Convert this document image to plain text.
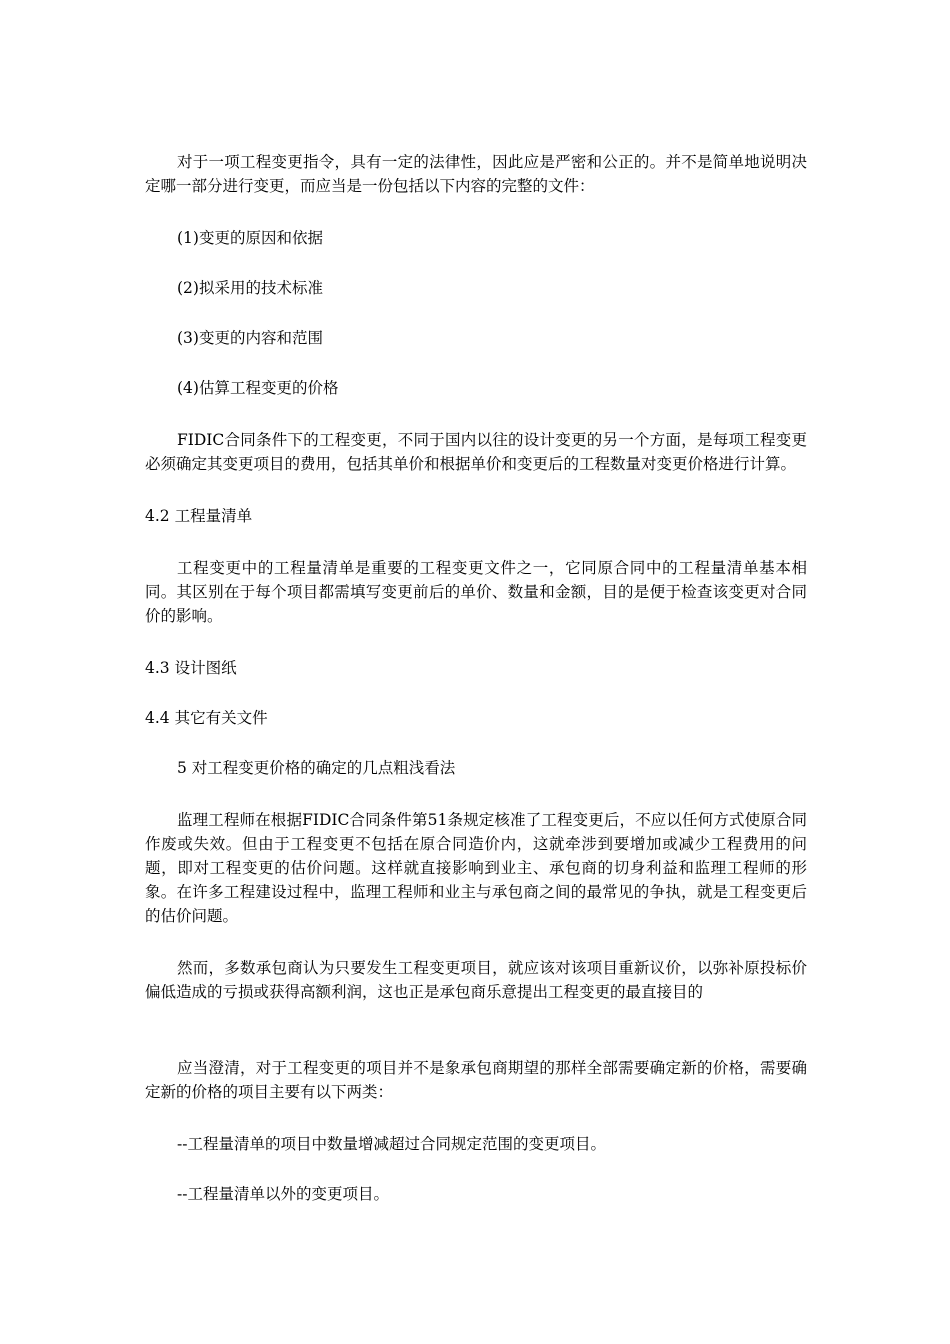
对于一项工程变更指令，具有一定的法律性，因此应是严密和公正的。并不是简单地说明决定哪一部分进行变更，而应当是一份包括以下内容的完整的文件：

(1)变更的原因和依据

(2)拟采用的技术标准

(3)变更的内容和范围

(4)估算工程变更的价格

FIDIC合同条件下的工程变更，不同于国内以往的设计变更的另一个方面，是每项工程变更必须确定其变更项目的费用，包括其单价和根据单价和变更后的工程数量对变更价格进行计算。

4.2 工程量清单

工程变更中的工程量清单是重要的工程变更文件之一，它同原合同中的工程量清单基本相同。其区别在于每个项目都需填写变更前后的单价、数量和金额，目的是便于检查该变更对合同价的影响。

4.3 设计图纸

4.4 其它有关文件

5 对工程变更价格的确定的几点粗浅看法

监理工程师在根据FIDIC合同条件第51条规定核准了工程变更后，不应以任何方式使原合同作废或失效。但由于工程变更不包括在原合同造价内，这就牵涉到要增加或减少工程费用的问题，即对工程变更的估价问题。这样就直接影响到业主、承包商的切身利益和监理工程师的形象。在许多工程建设过程中，监理工程师和业主与承包商之间的最常见的争执，就是工程变更后的估价问题。

然而，多数承包商认为只要发生工程变更项目，就应该对该项目重新议价，以弥补原投标价偏低造成的亏损或获得高额利润，这也正是承包商乐意提出工程变更的最直接目的

应当澄清，对于工程变更的项目并不是象承包商期望的那样全部需要确定新的价格，需要确定新的价格的项目主要有以下两类：

--工程量清单的项目中数量增减超过合同规定范围的变更项目。

--工程量清单以外的变更项目。
